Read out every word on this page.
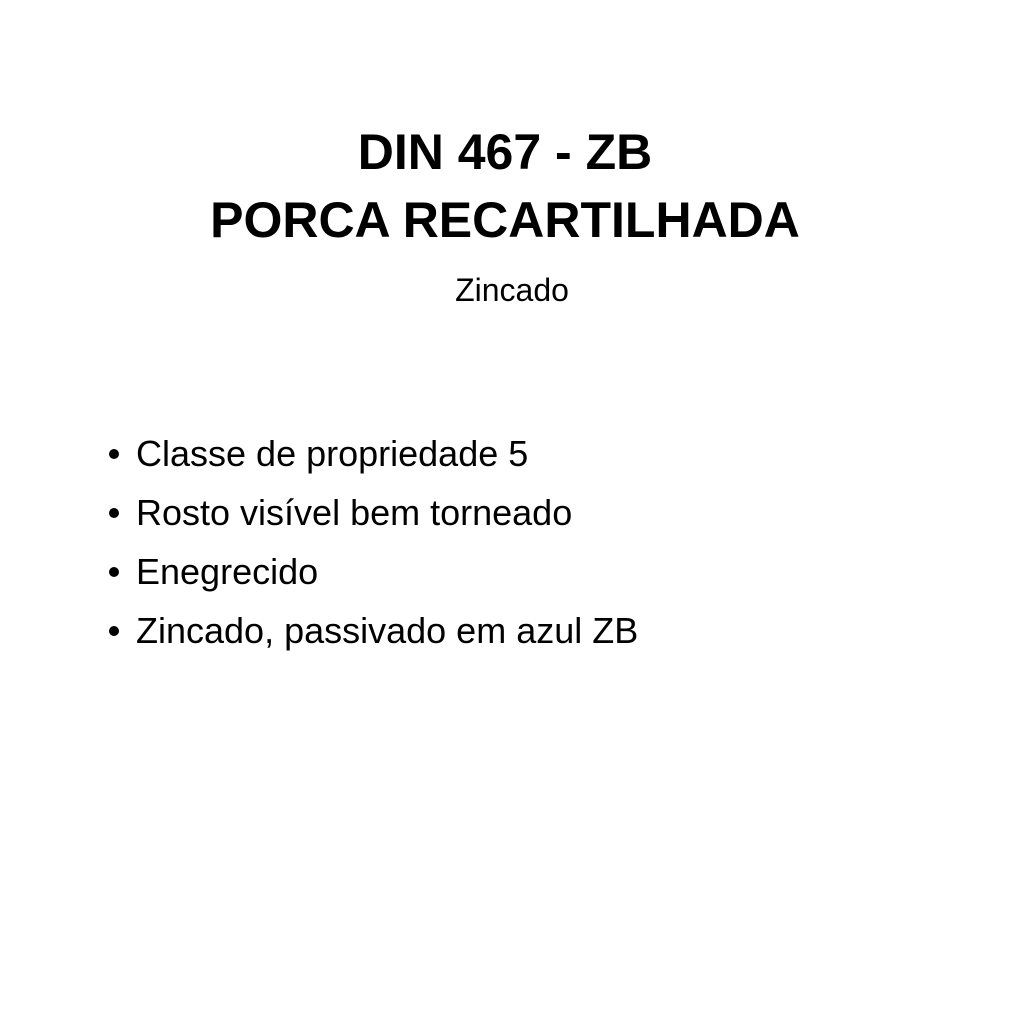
DIN 467 - ZB
PORCA RECARTILHADA
Zincado
Classe de propriedade 5
Rosto visível bem torneado
Enegrecido
Zincado, passivado em azul ZB
